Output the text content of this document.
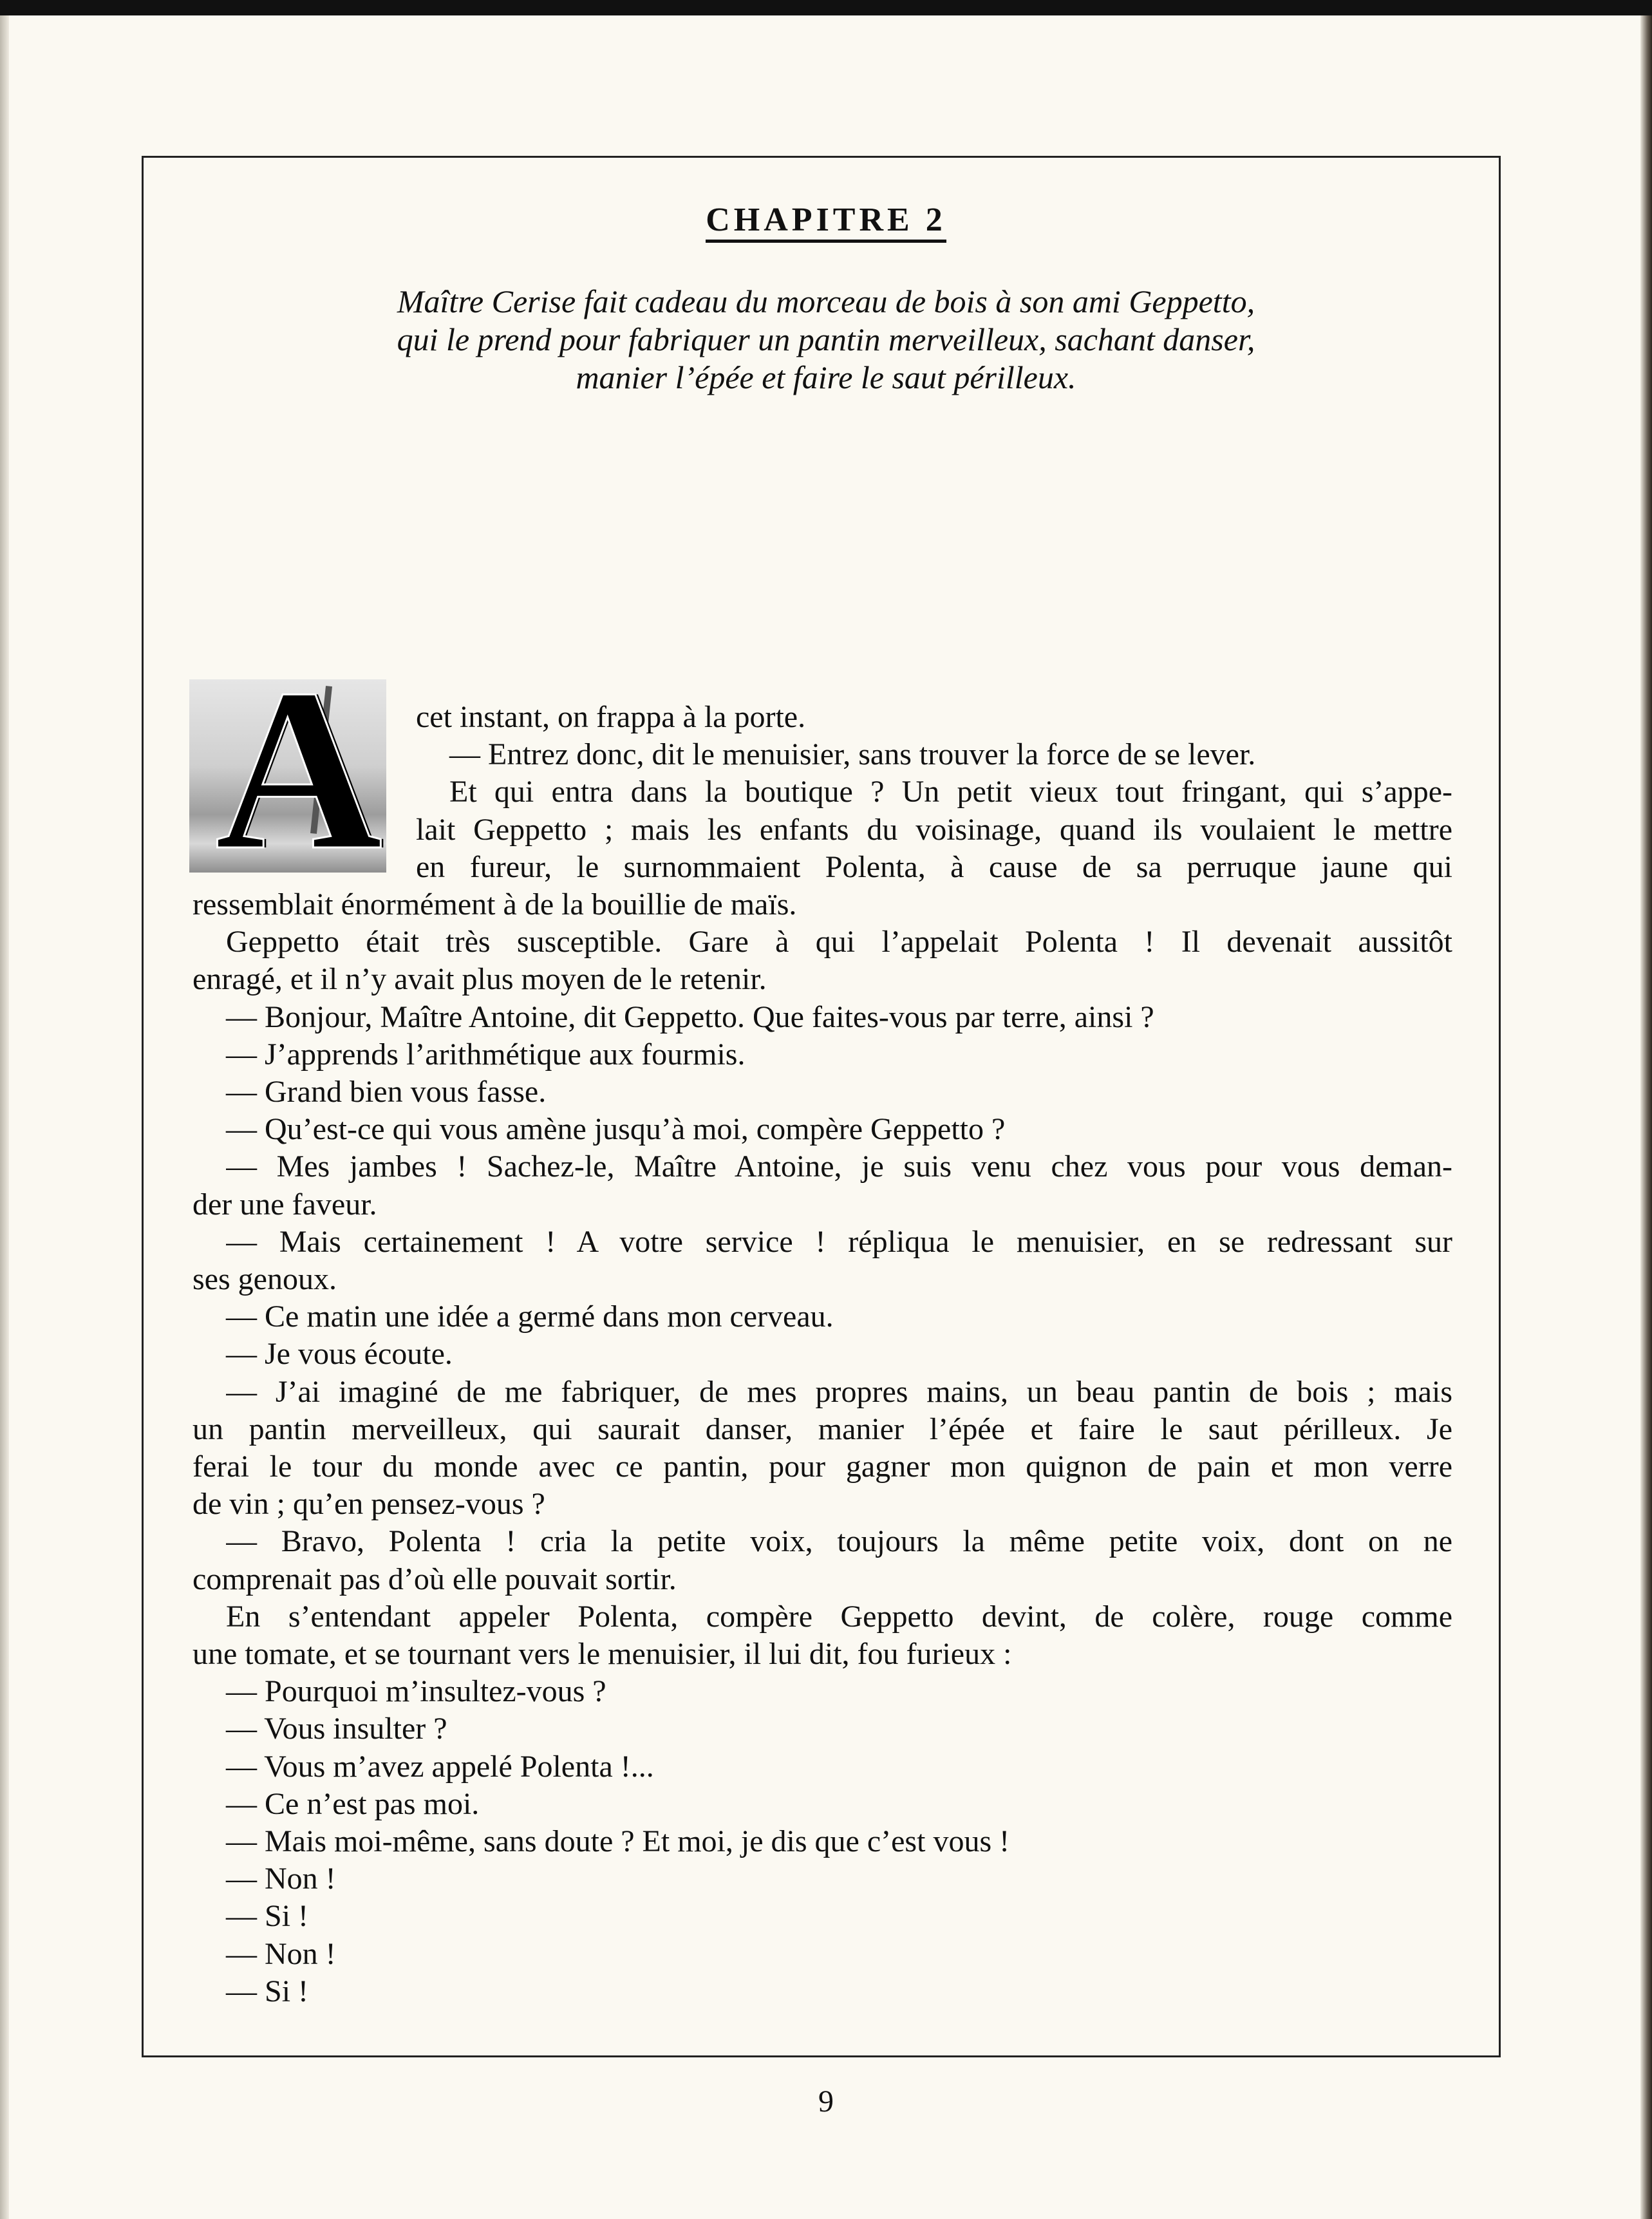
CHAPITRE 2
Maître Cerise fait cadeau du morceau de bois à son ami Geppetto,
qui le prend pour fabriquer un pantin merveilleux, sachant danser,
manier l’épée et faire le saut périlleux.
A cet instant, on frappa à la porte.
— Entrez donc, dit le menuisier, sans trouver la force de se lever.
Et qui entra dans la boutique ? Un petit vieux tout fringant, qui s’appe-
lait Geppetto ; mais les enfants du voisinage, quand ils voulaient le mettre
en fureur, le surnommaient Polenta, à cause de sa perruque jaune qui
ressemblait énormément à de la bouillie de maïs.
Geppetto était très susceptible. Gare à qui l’appelait Polenta ! Il devenait aussitôt
enragé, et il n’y avait plus moyen de le retenir.
— Bonjour, Maître Antoine, dit Geppetto. Que faites-vous par terre, ainsi ?
— J’apprends l’arithmétique aux fourmis.
— Grand bien vous fasse.
— Qu’est-ce qui vous amène jusqu’à moi, compère Geppetto ?
— Mes jambes ! Sachez-le, Maître Antoine, je suis venu chez vous pour vous deman-
der une faveur.
— Mais certainement ! A votre service ! répliqua le menuisier, en se redressant sur
ses genoux.
— Ce matin une idée a germé dans mon cerveau.
— Je vous écoute.
— J’ai imaginé de me fabriquer, de mes propres mains, un beau pantin de bois ; mais
un pantin merveilleux, qui saurait danser, manier l’épée et faire le saut périlleux. Je
ferai le tour du monde avec ce pantin, pour gagner mon quignon de pain et mon verre
de vin ; qu’en pensez-vous ?
— Bravo, Polenta ! cria la petite voix, toujours la même petite voix, dont on ne
comprenait pas d’où elle pouvait sortir.
En s’entendant appeler Polenta, compère Geppetto devint, de colère, rouge comme
une tomate, et se tournant vers le menuisier, il lui dit, fou furieux :
— Pourquoi m’insultez-vous ?
— Vous insulter ?
— Vous m’avez appelé Polenta !...
— Ce n’est pas moi.
— Mais moi-même, sans doute ? Et moi, je dis que c’est vous !
— Non !
— Si !
— Non !
— Si !
9
